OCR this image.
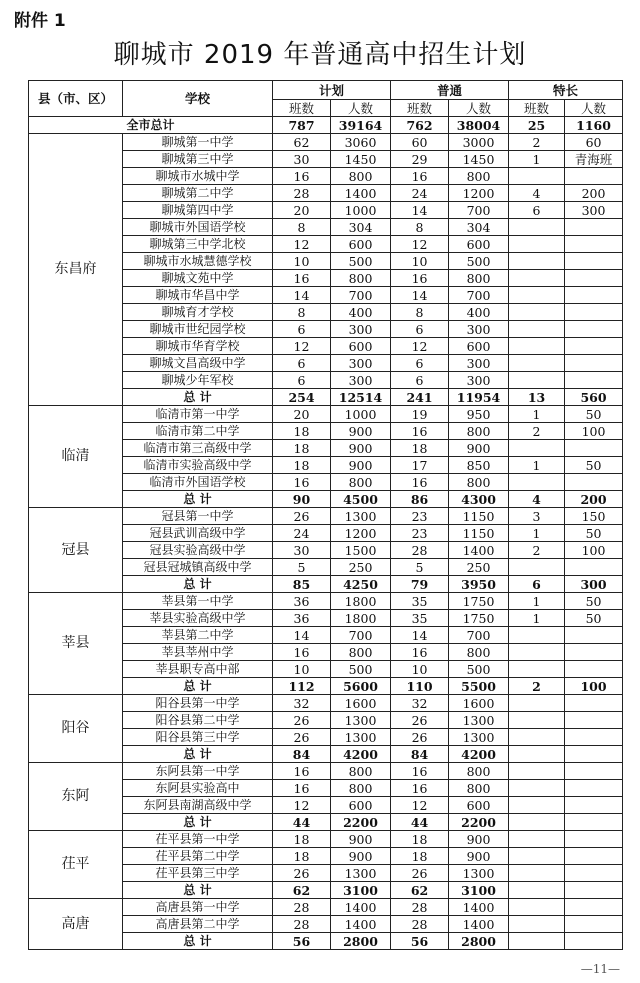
附件 1
聊城市 2019 年普通高中招生计划
县（市、区）	学校	计划		普通		特长	
		班数	人数	班数	人数	班数	人数
全市总计		787	39164	762	38004	25	1160
东昌府	聊城第一中学	62	3060	60	3000	2	60
	聊城第三中学	30	1450	29	1450	1	青海班
	聊城市水城中学	16	800	16	800		
	聊城第二中学	28	1400	24	1200	4	200
	聊城第四中学	20	1000	14	700	6	300
	聊城市外国语学校	8	304	8	304		
	聊城第三中学北校	12	600	12	600		
	聊城市水城慧德学校	10	500	10	500		
	聊城文苑中学	16	800	16	800		
	聊城市华昌中学	14	700	14	700		
	聊城育才学校	8	400	8	400		
	聊城市世纪园学校	6	300	6	300		
	聊城市华育学校	12	600	12	600		
	聊城文昌高级中学	6	300	6	300		
	聊城少年军校	6	300	6	300		
	总 计	254	12514	241	11954	13	560
临清	临清市第一中学	20	1000	19	950	1	50
	临清市第二中学	18	900	16	800	2	100
	临清市第三高级中学	18	900	18	900		
	临清市实验高级中学	18	900	17	850	1	50
	临清市外国语学校	16	800	16	800		
	总 计	90	4500	86	4300	4	200
冠县	冠县第一中学	26	1300	23	1150	3	150
	冠县武训高级中学	24	1200	23	1150	1	50
	冠县实验高级中学	30	1500	28	1400	2	100
	冠县冠城镇高级中学	5	250	5	250		
	总 计	85	4250	79	3950	6	300
莘县	莘县第一中学	36	1800	35	1750	1	50
	莘县实验高级中学	36	1800	35	1750	1	50
	莘县第二中学	14	700	14	700		
	莘县莘州中学	16	800	16	800		
	莘县职专高中部	10	500	10	500		
	总 计	112	5600	110	5500	2	100
阳谷	阳谷县第一中学	32	1600	32	1600		
	阳谷县第二中学	26	1300	26	1300		
	阳谷县第三中学	26	1300	26	1300		
	总 计	84	4200	84	4200		
东阿	东阿县第一中学	16	800	16	800		
	东阿县实验高中	16	800	16	800		
	东阿县南湖高级中学	12	600	12	600		
	总 计	44	2200	44	2200		
茌平	茌平县第一中学	18	900	18	900		
	茌平县第二中学	18	900	18	900		
	茌平县第三中学	26	1300	26	1300		
	总 计	62	3100	62	3100		
高唐	高唐县第一中学	28	1400	28	1400		
	高唐县第二中学	28	1400	28	1400		
	总 计	56	2800	56	2800		
—11—
